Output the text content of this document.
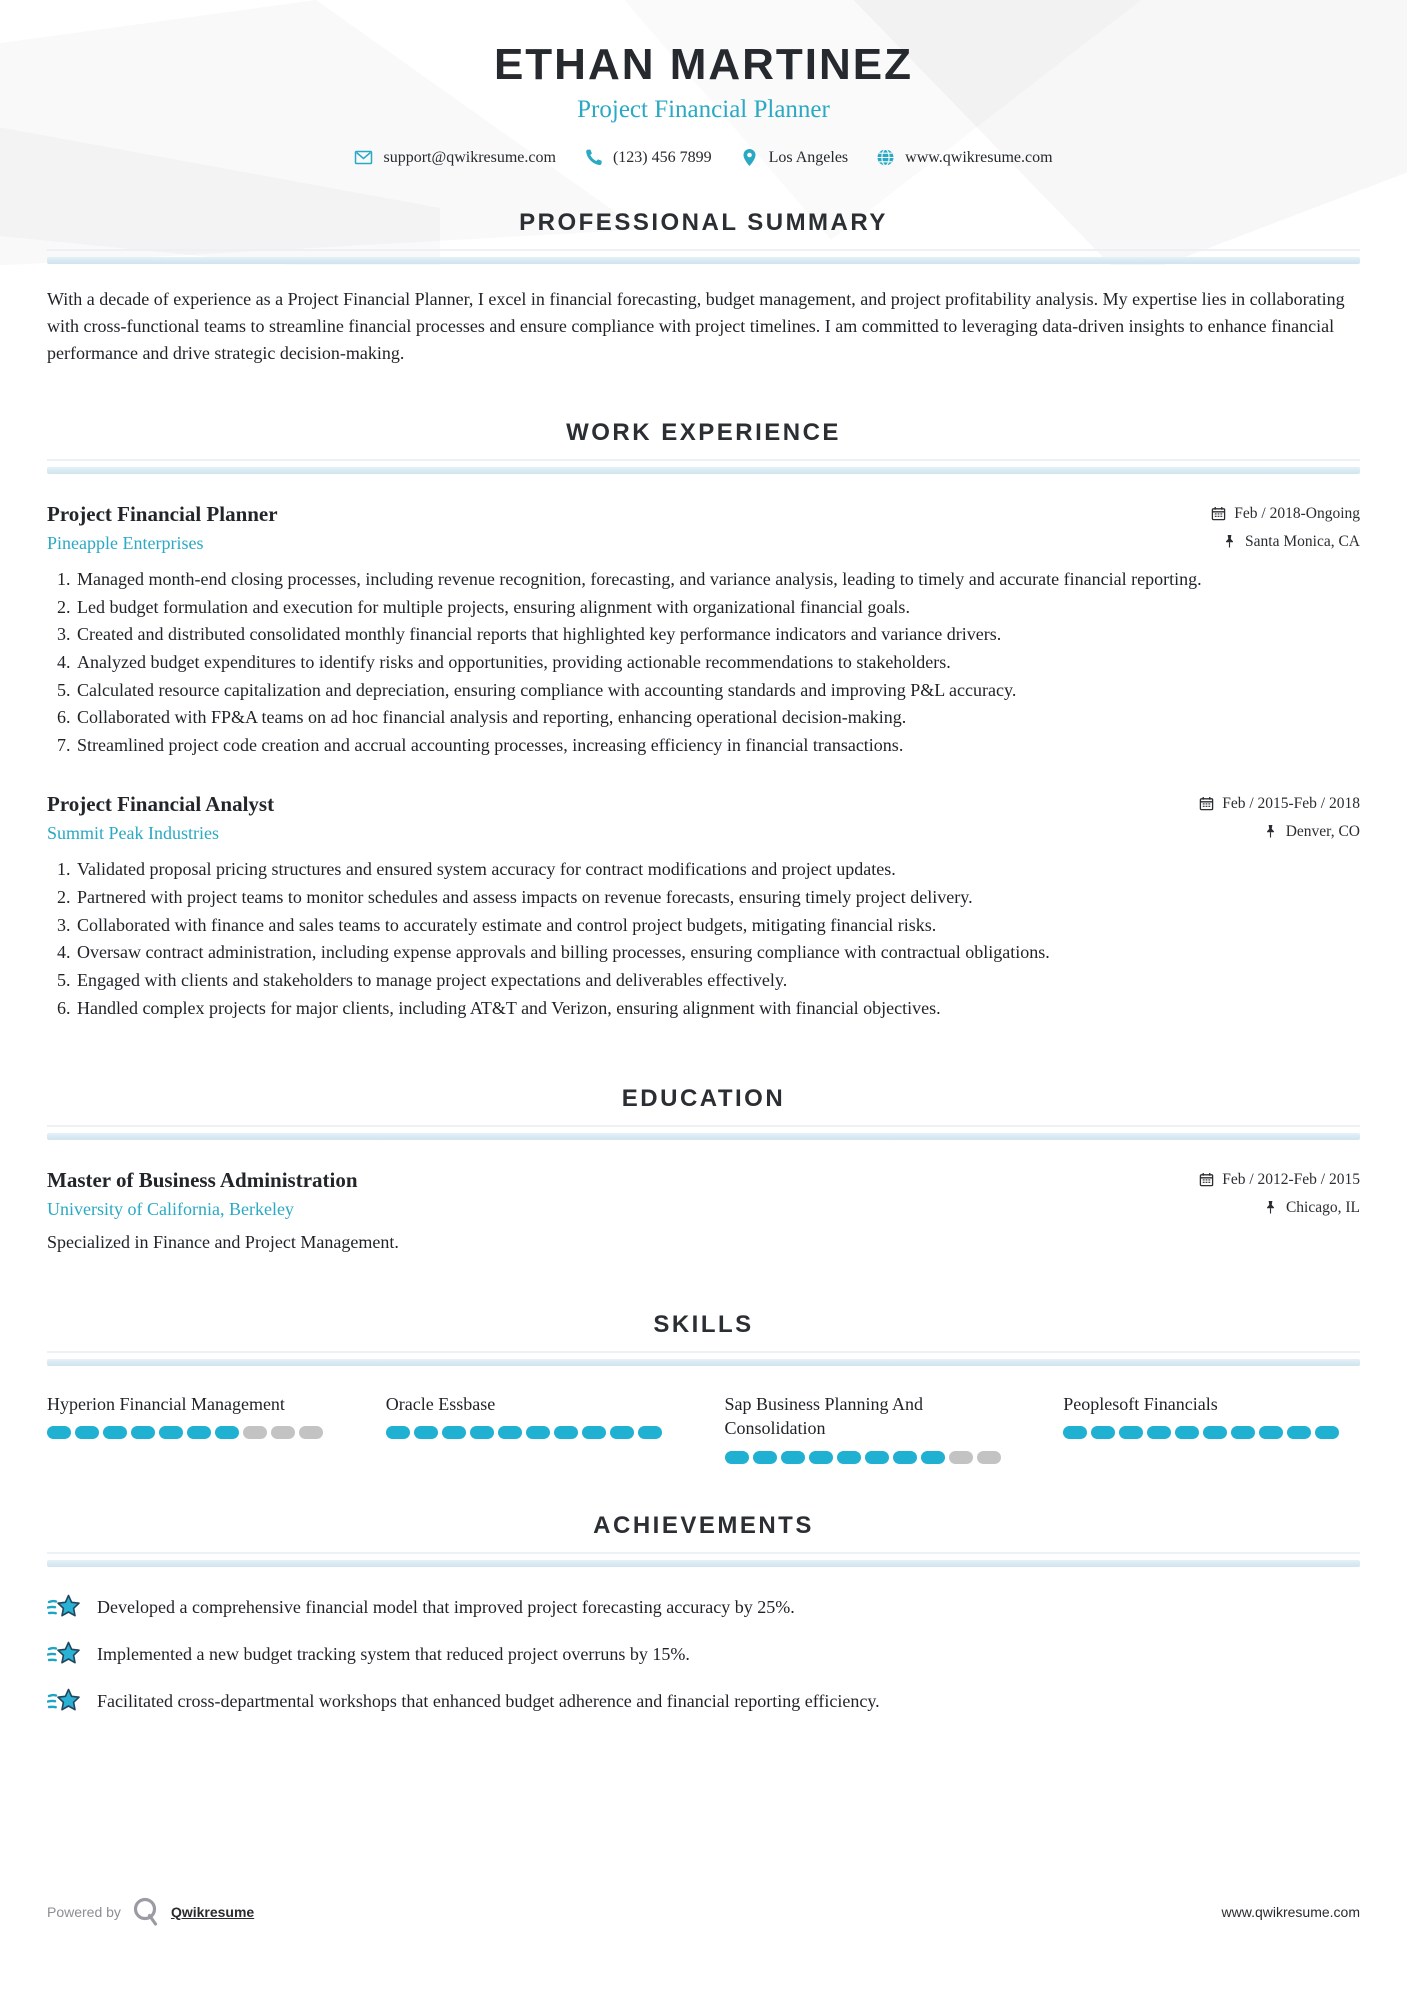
ETHAN MARTINEZ
Project Financial Planner
support@qwikresume.com	(123) 456 7899	Los Angeles	www.qwikresume.com
PROFESSIONAL SUMMARY

With a decade of experience as a Project Financial Planner, I excel in financial forecasting, budget management, and project profitability analysis. My expertise lies in collaborating with cross-functional teams to streamline financial processes and ensure compliance with project timelines. I am committed to leveraging data-driven insights to enhance financial performance and drive strategic decision-making.

WORK EXPERIENCE
Project Financial Planner	Feb / 2018-Ongoing
Pineapple Enterprises	Santa Monica, CA
1. Managed month-end closing processes, including revenue recognition, forecasting, and variance analysis, leading to timely and accurate financial reporting.
2. Led budget formulation and execution for multiple projects, ensuring alignment with organizational financial goals.
3. Created and distributed consolidated monthly financial reports that highlighted key performance indicators and variance drivers.
4. Analyzed budget expenditures to identify risks and opportunities, providing actionable recommendations to stakeholders.
5. Calculated resource capitalization and depreciation, ensuring compliance with accounting standards and improving P&L accuracy.
6. Collaborated with FP&A teams on ad hoc financial analysis and reporting, enhancing operational decision-making.
7. Streamlined project code creation and accrual accounting processes, increasing efficiency in financial transactions.
Project Financial Analyst	Feb / 2015-Feb / 2018
Summit Peak Industries	Denver, CO
1. Validated proposal pricing structures and ensured system accuracy for contract modifications and project updates.
2. Partnered with project teams to monitor schedules and assess impacts on revenue forecasts, ensuring timely project delivery.
3. Collaborated with finance and sales teams to accurately estimate and control project budgets, mitigating financial risks.
4. Oversaw contract administration, including expense approvals and billing processes, ensuring compliance with contractual obligations.
5. Engaged with clients and stakeholders to manage project expectations and deliverables effectively.
6. Handled complex projects for major clients, including AT&T and Verizon, ensuring alignment with financial objectives.
EDUCATION
Master of Business Administration	Feb / 2012-Feb / 2015
University of California, Berkeley	Chicago, IL
Specialized in Finance and Project Management.
SKILLS
Hyperion Financial Management	Oracle Essbase	Sap Business Planning And Consolidation
Peoplesoft Financials
ACHIEVEMENTS
Developed a comprehensive financial model that improved project forecasting accuracy by 25%.
Implemented a new budget tracking system that reduced project overruns by 15%.
Facilitated cross-departmental workshops that enhanced budget adherence and financial reporting efficiency.
Powered by	Qwikresume	www.qwikresume.com
